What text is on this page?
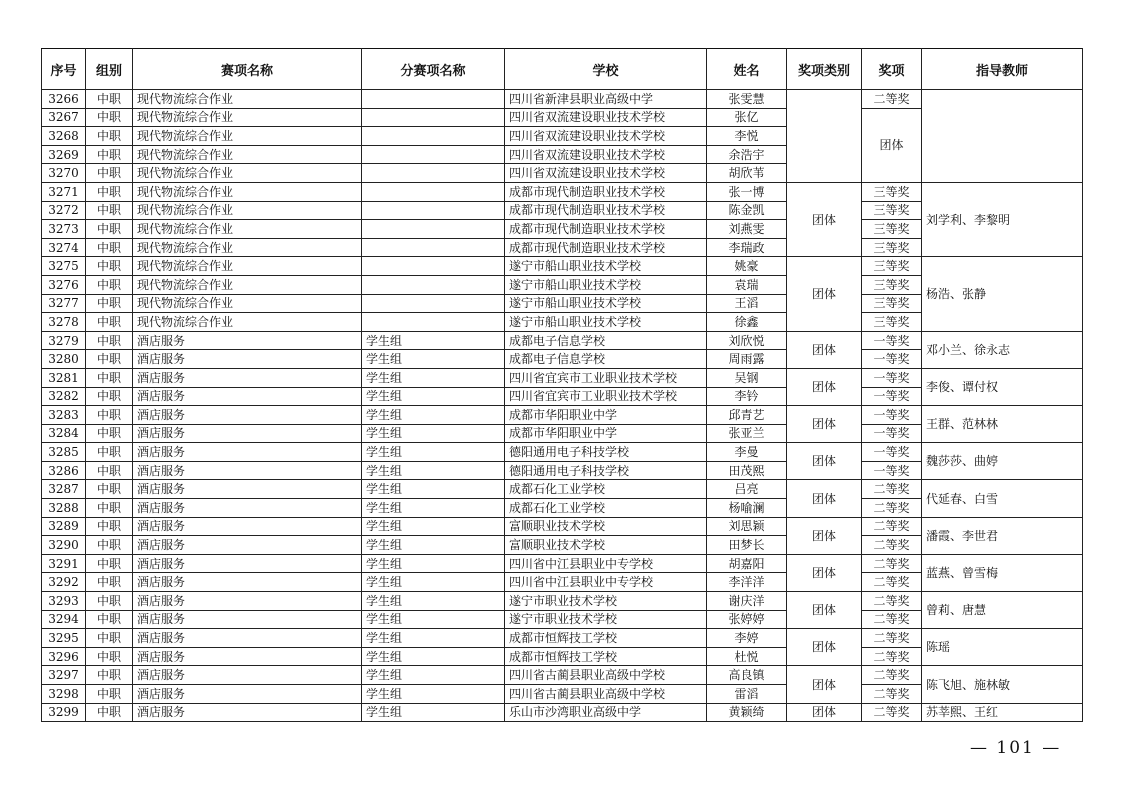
序号	组别	赛项名称	分赛项名称	学校	姓名	奖项类别	奖项	指导教师	
3266	中职	现代物流综合作业		四川省新津县职业高级中学	张雯慧		二等奖		
3267	中职	现代物流综合作业		四川省双流建设职业技术学校	张亿		团体		
3268	中职	现代物流综合作业		四川省双流建设职业技术学校	李悦	
3269	中职	现代物流综合作业		四川省双流建设职业技术学校	余浩宇	
3270	中职	现代物流综合作业		四川省双流建设职业技术学校	胡欣苇	
3271	中职	现代物流综合作业		成都市现代制造职业技术学校	张一博	团体	三等奖	刘学利、李黎明	
3272	中职	现代物流综合作业		成都市现代制造职业技术学校	陈金凯		三等奖		
3273	中职	现代物流综合作业		成都市现代制造职业技术学校	刘燕雯		三等奖		
3274	中职	现代物流综合作业		成都市现代制造职业技术学校	李瑞政		三等奖		
3275	中职	现代物流综合作业		遂宁市船山职业技术学校	姚豪	团体	三等奖	杨浩、张静	
3276	中职	现代物流综合作业		遂宁市船山职业技术学校	袁瑞		三等奖		
3277	中职	现代物流综合作业		遂宁市船山职业技术学校	王滔		三等奖		
3278	中职	现代物流综合作业		遂宁市船山职业技术学校	徐鑫		三等奖		
3279	中职	酒店服务	学生组	成都电子信息学校	刘欣悦	团体	一等奖	邓小兰、徐永志	
3280	中职	酒店服务	学生组	成都电子信息学校	周雨露		一等奖		
3281	中职	酒店服务	学生组	四川省宜宾市工业职业技术学校	吴钢	团体	一等奖	李俊、谭付权	
3282	中职	酒店服务	学生组	四川省宜宾市工业职业技术学校	李钤		一等奖		
3283	中职	酒店服务	学生组	成都市华阳职业中学	邱青艺	团体	一等奖	王群、范林林	
3284	中职	酒店服务	学生组	成都市华阳职业中学	张亚兰		一等奖		
3285	中职	酒店服务	学生组	德阳通用电子科技学校	李曼	团体	一等奖	魏莎莎、曲婷	
3286	中职	酒店服务	学生组	德阳通用电子科技学校	田茂熙		一等奖		
3287	中职	酒店服务	学生组	成都石化工业学校	吕亮	团体	二等奖	代延春、白雪	
3288	中职	酒店服务	学生组	成都石化工业学校	杨喻澜		二等奖		
3289	中职	酒店服务	学生组	富顺职业技术学校	刘思颖	团体	二等奖	潘霞、李世君	
3290	中职	酒店服务	学生组	富顺职业技术学校	田梦长		二等奖		
3291	中职	酒店服务	学生组	四川省中江县职业中专学校	胡嘉阳	团体	二等奖	蓝燕、曾雪梅	
3292	中职	酒店服务	学生组	四川省中江县职业中专学校	李洋洋		二等奖		
3293	中职	酒店服务	学生组	遂宁市职业技术学校	谢庆洋	团体	二等奖	曾莉、唐慧	
3294	中职	酒店服务	学生组	遂宁市职业技术学校	张婷婷		二等奖		
3295	中职	酒店服务	学生组	成都市恒辉技工学校	李婷	团体	二等奖	陈瑶	
3296	中职	酒店服务	学生组	成都市恒辉技工学校	杜悦		二等奖		
3297	中职	酒店服务	学生组	四川省古蔺县职业高级中学校	高良镇	团体	二等奖	陈飞旭、施林敏	
3298	中职	酒店服务	学生组	四川省古蔺县职业高级中学校	雷滔		二等奖		
3299	中职	酒店服务	学生组	乐山市沙湾职业高级中学	黄颖绮	团体	二等奖	苏莘熙、王红	
— 101 —
